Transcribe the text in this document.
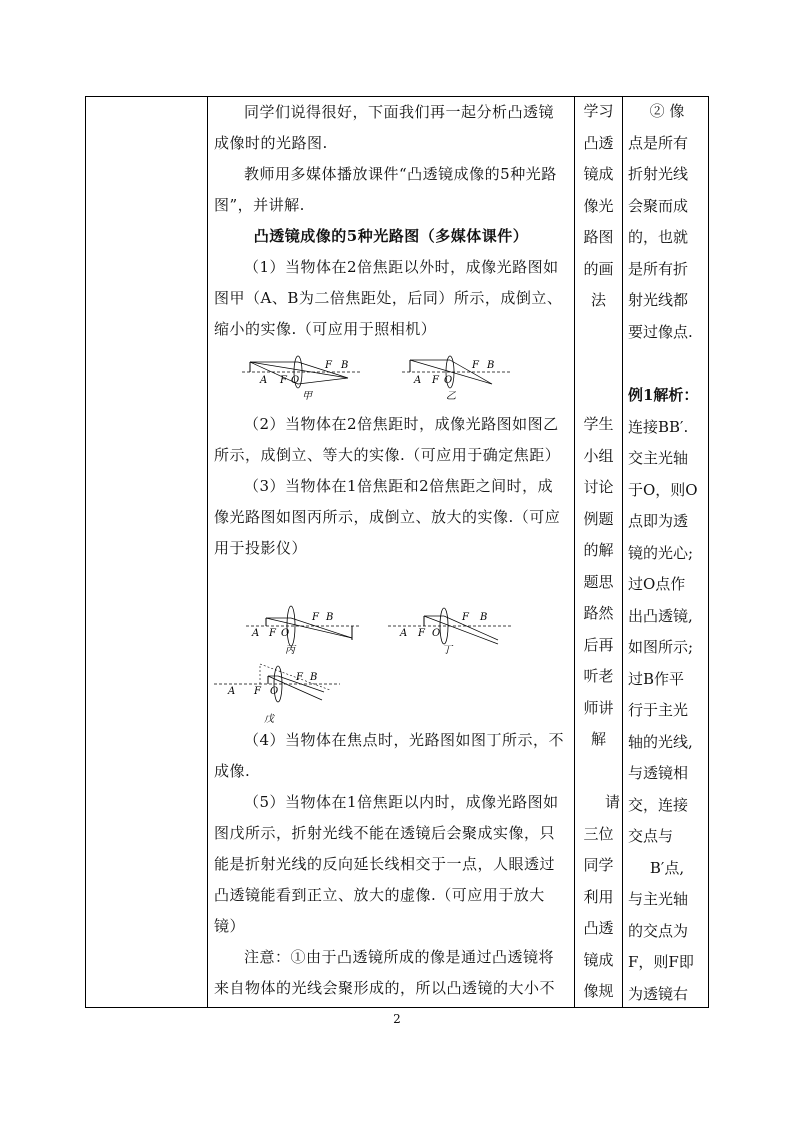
同学们说得很好，下面我们再一起分析凸透镜成像时的光路图.

教师用多媒体播放课件“凸透镜成像的5种光路图”，并讲解.

凸透镜成像的5种光路图（多媒体课件）

（1）当物体在2倍焦距以外时，成像光路图如图甲（A、B为二倍焦距处，后同）所示，成倒立、缩小的实像.（可应用于照相机）

A F O
F B
甲
A F O
F B
乙

（2）当物体在2倍焦距时，成像光路图如图乙所示，成倒立、等大的实像.（可应用于确定焦距）

（3）当物体在1倍焦距和2倍焦距之间时，成像光路图如图丙所示，成倒立、放大的实像.（可应用于投影仪）

A F O
F B
丙
A F O
F B
丁
A F O
F B
戊

（4）当物体在焦点时，光路图如图丁所示，不成像.

（5）当物体在1倍焦距以内时，成像光路图如图戊所示，折射光线不能在透镜后会聚成实像，只能是折射光线的反向延长线相交于一点，人眼透过凸透镜能看到正立、放大的虚像.（可应用于放大镜）

注意：①由于凸透镜所成的像是通过凸透镜将来自物体的光线会聚形成的，所以凸透镜的大小不

学习
凸透
镜成
像光
路图
的画
法
学生
小组
讨论
例题
的解
题思
路然
后再
听老
师讲
解
请
三位
同学
利用
凸透
镜成
像规
② 像
点是所有
折射光线
会聚而成
的，也就
是所有折
射光线都
要过像点.
例1解析：
连接BB′.
交主光轴
于O，则O
点即为透
镜的光心;
过O点作
出凸透镜,
如图所示;
过B作平
行于主光
轴的光线,
与透镜相
交，连接
交点与
B′点,
与主光轴
的交点为
F，则F即
为透镜右
2
